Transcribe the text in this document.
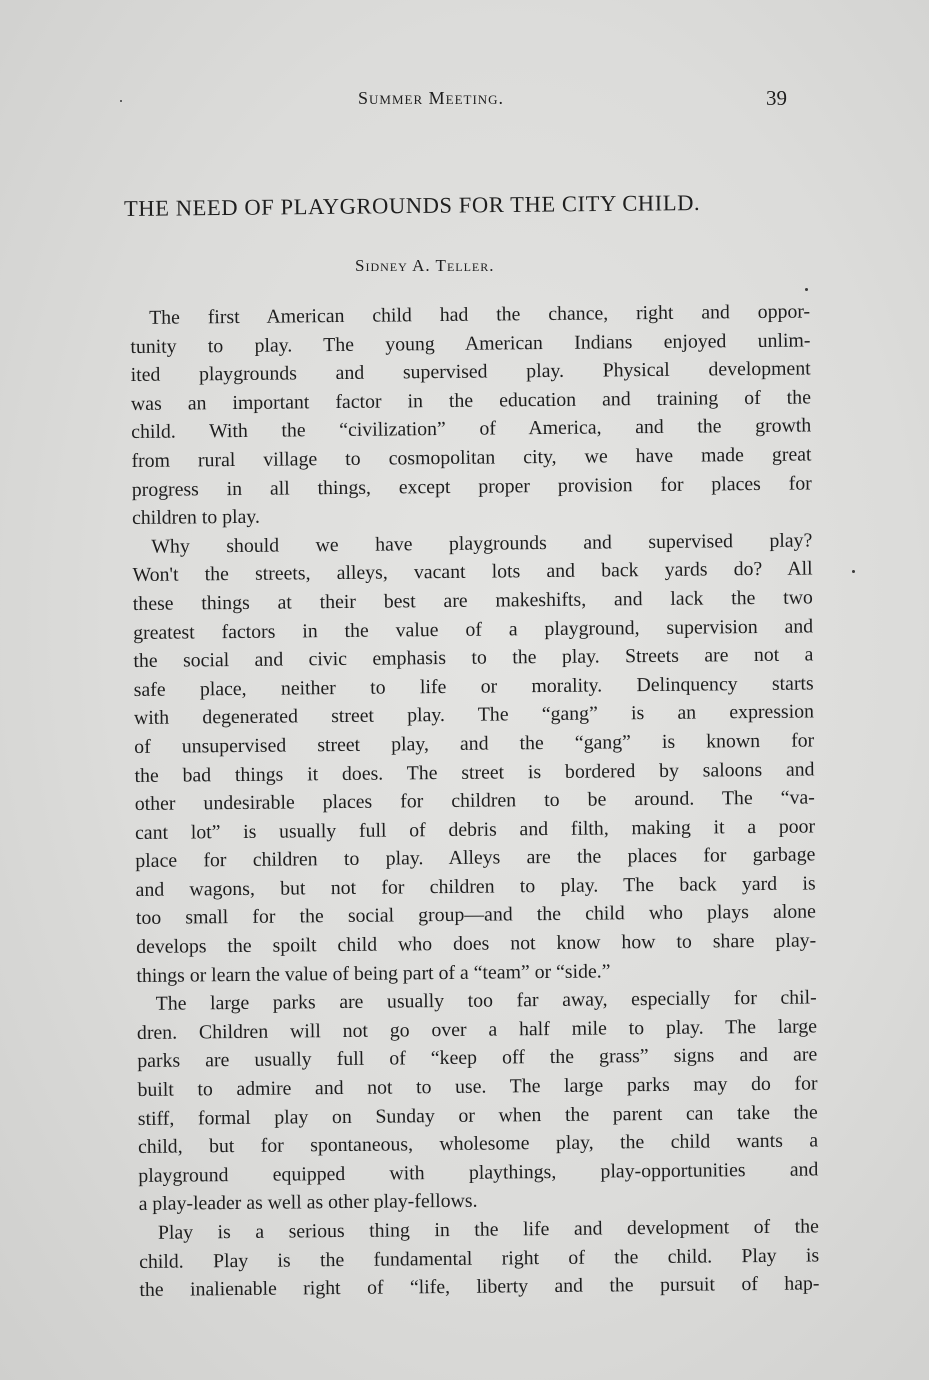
Summer Meeting.	39
THE NEED OF PLAYGROUNDS FOR THE CITY CHILD.
Sidney A. Teller.
The first American child had the chance, right and oppor-
tunity to play. The young American Indians enjoyed unlim-
ited playgrounds and supervised play. Physical development
was an important factor in the education and training of the
child. With the “civilization” of America, and the growth
from rural village to cosmopolitan city, we have made great
progress in all things, except proper provision for places for
children to play.
Why should we have playgrounds and supervised play?
Won't the streets, alleys, vacant lots and back yards do? All
these things at their best are makeshifts, and lack the two
greatest factors in the value of a playground, supervision and
the social and civic emphasis to the play. Streets are not a
safe place, neither to life or morality. Delinquency starts
with degenerated street play. The “gang” is an expression
of unsupervised street play, and the “gang” is known for
the bad things it does. The street is bordered by saloons and
other undesirable places for children to be around. The “va-
cant lot” is usually full of debris and filth, making it a poor
place for children to play. Alleys are the places for garbage
and wagons, but not for children to play. The back yard is
too small for the social group—and the child who plays alone
develops the spoilt child who does not know how to share play-
things or learn the value of being part of a “team” or “side.”
The large parks are usually too far away, especially for chil-
dren. Children will not go over a half mile to play. The large
parks are usually full of “keep off the grass” signs and are
built to admire and not to use. The large parks may do for
stiff, formal play on Sunday or when the parent can take the
child, but for spontaneous, wholesome play, the child wants a
playground equipped with playthings, play-opportunities and
a play-leader as well as other play-fellows.
Play is a serious thing in the life and development of the
child. Play is the fundamental right of the child. Play is
the inalienable right of “life, liberty and the pursuit of hap-
